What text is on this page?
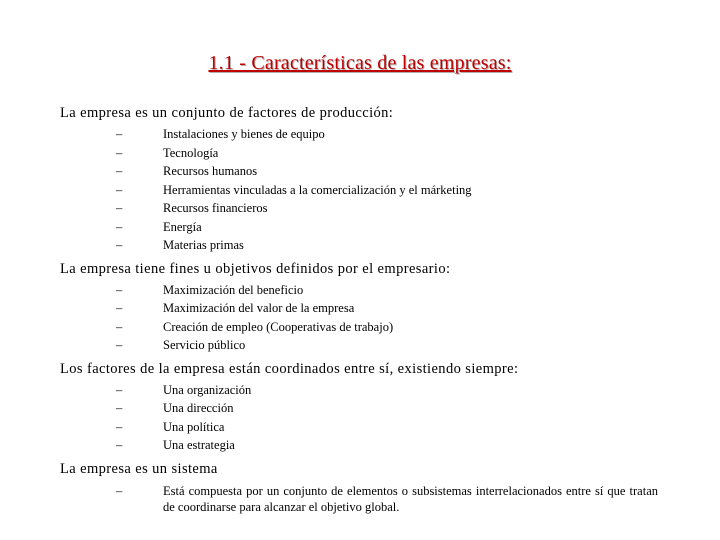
1.1 - Características de las empresas:
La empresa es un conjunto de factores de producción:
–	Instalaciones y bienes de equipo
–	Tecnología
–	Recursos humanos
–	Herramientas vinculadas a la comercialización y el márketing
–	Recursos financieros
–	Energía
–	Materias primas
La empresa tiene fines u objetivos definidos por el empresario:
–	Maximización del beneficio
–	Maximización del valor de la empresa
–	Creación de empleo (Cooperativas de trabajo)
–	Servicio público
Los factores de la empresa están coordinados entre sí, existiendo siempre:
–	Una organización
–	Una dirección
–	Una política
–	Una estrategia
La empresa es un sistema
–	Está compuesta por un conjunto de elementos o subsistemas interrelacionados entre sí que tratan de coordinarse para alcanzar el objetivo global.
